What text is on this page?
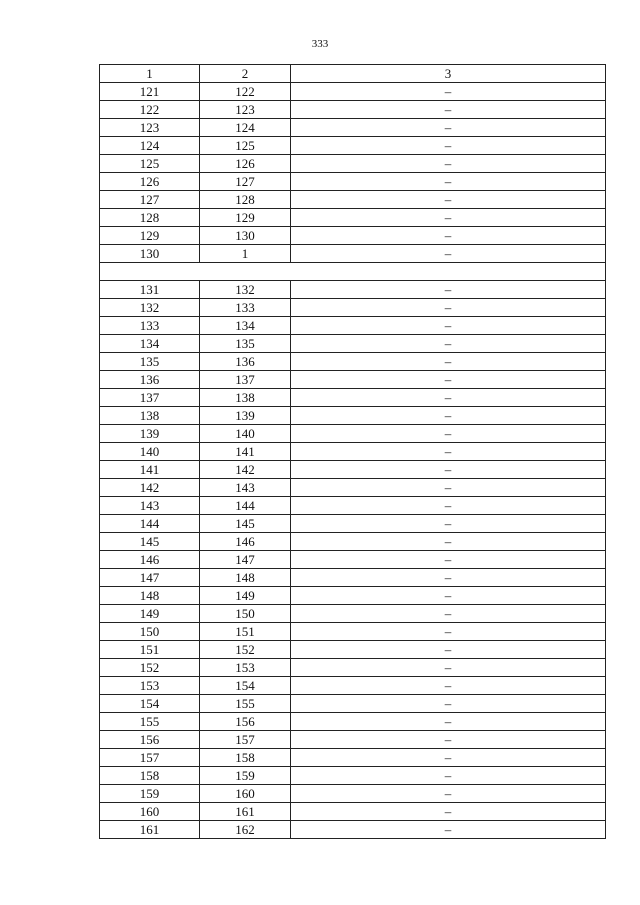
333
1	2	3
121	122	–
122	123	–
123	124	–
124	125	–
125	126	–
126	127	–
127	128	–
128	129	–
129	130	–
130	1	–

131	132	–
132	133	–
133	134	–
134	135	–
135	136	–
136	137	–
137	138	–
138	139	–
139	140	–
140	141	–
141	142	–
142	143	–
143	144	–
144	145	–
145	146	–
146	147	–
147	148	–
148	149	–
149	150	–
150	151	–
151	152	–
152	153	–
153	154	–
154	155	–
155	156	–
156	157	–
157	158	–
158	159	–
159	160	–
160	161	–
161	162	–
